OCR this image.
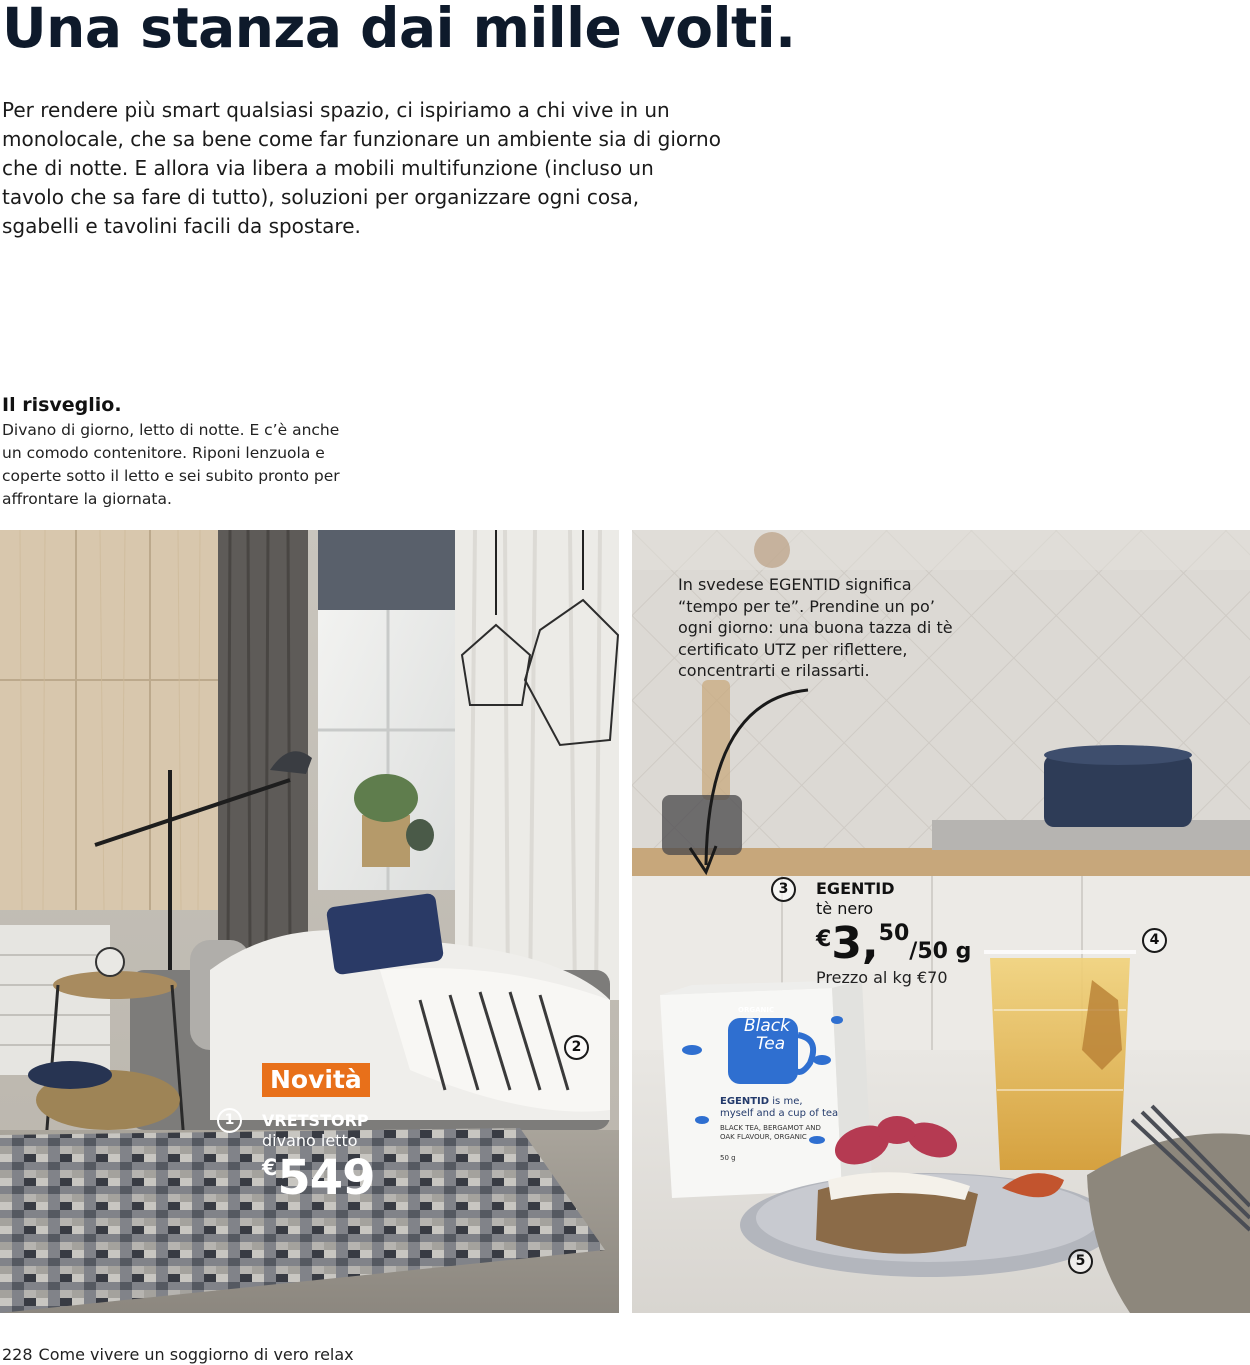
Una stanza dai mille volti.

Per rendere più smart qualsiasi spazio, ci ispiriamo a chi vive in un monolocale, che sa bene come far funzionare un ambiente sia di giorno che di notte. E allora via libera a mobili multifunzione (incluso un tavolo che sa fare di tutto), soluzioni per organizzare ogni cosa, sgabelli e tavolini facili da spostare.

Il risveglio.

Divano di giorno, letto di notte. E c’è anche un comodo contenitore. Riponi lenzuola e coperte sotto il letto e sei subito pronto per affrontare la giornata.

Novità
1
2
VRETSTORP
divano letto
€549
In svedese EGENTID significa “tempo per te”. Prendine un po’ ogni giorno: una buona tazza di tè certificato UTZ per riflettere, concentrarti e rilassarti.
ORGANIC
Black
Tea
EGENTID is me,
myself and a cup of tea
BLACK TEA, BERGAMOT AND
OAK FLAVOUR, ORGANIC
50 g
3
4
5
EGENTID
tè nero
€3,50/50 g
Prezzo al kg €70
228 Come vivere un soggiorno di vero relax
